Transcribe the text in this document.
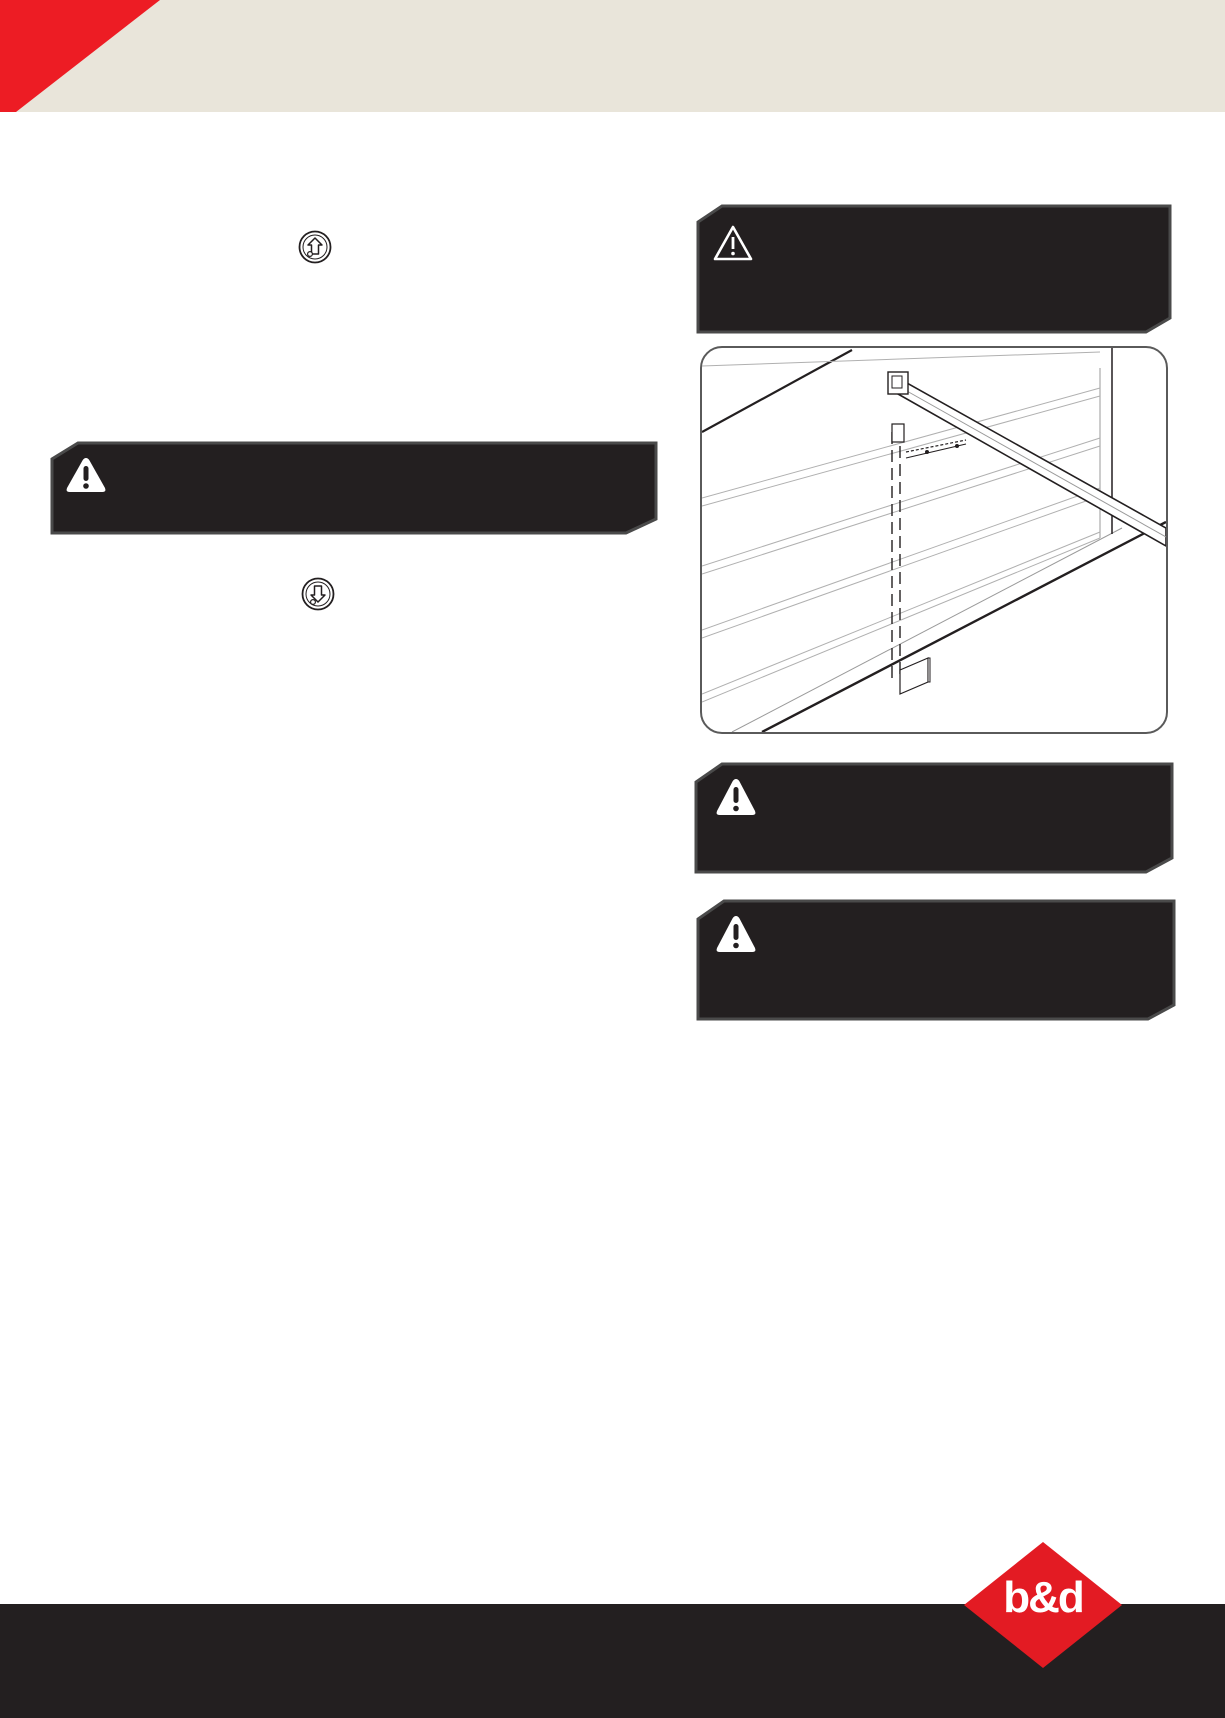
b&d
